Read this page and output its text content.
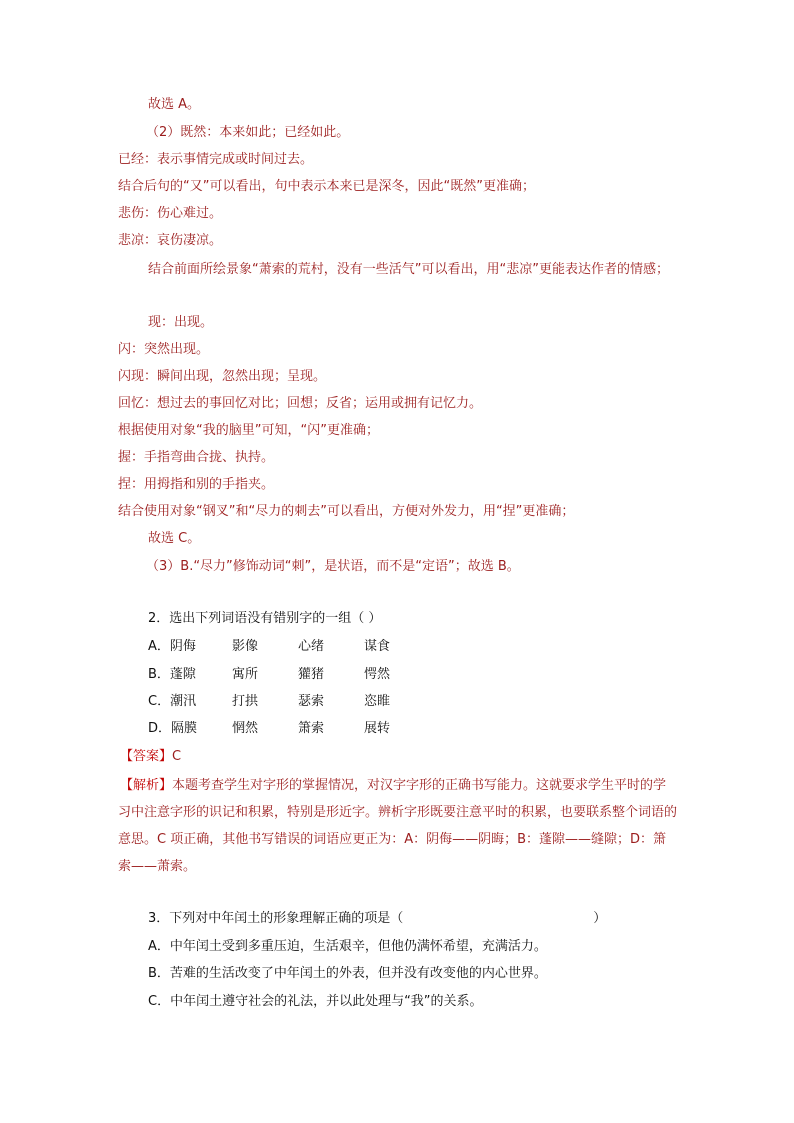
故选 A。
（2）既然：本来如此；已经如此。
已经：表示事情完成或时间过去。
结合后句的“又”可以看出，句中表示本来已是深冬，因此“既然”更准确；
悲伤：伤心难过。
悲凉：哀伤凄凉。
结合前面所绘景象“萧索的荒村，没有一些活气”可以看出，用“悲凉”更能表达作者的情感；
现：出现。
闪：突然出现。
闪现：瞬间出现，忽然出现；呈现。
回忆：想过去的事回忆对比；回想；反省；运用或拥有记忆力。
根据使用对象“我的脑里”可知，“闪”更准确；
握：手指弯曲合拢、执持。
捏：用拇指和别的手指夹。
结合使用对象“钢叉”和“尽力的刺去”可以看出，方便对外发力，用“捏”更准确；
故选 C。
（3）B.“尽力”修饰动词“刺”，是状语，而不是“定语”；故选 B。
2．选出下列词语没有错别字的一组（ ）
A．阴侮	影像	心绪	谋食
B．蓬隙	寓所	獾猪	愕然
C．潮汛	打拱	瑟索	恣睢
D．隔膜	惘然	箫索	展转
【答案】C
【解析】本题考查学生对字形的掌握情况，对汉字字形的正确书写能力。这就要求学生平时的学习中注意字形的识记和积累，特别是形近字。辨析字形既要注意平时的积累，也要联系整个词语的意思。C 项正确，其他书写错误的词语应更正为：A：阴侮——阴晦；B：蓬隙——缝隙；D：箫索——萧索。
3．下列对中年闰土的形象理解正确的项是（	）
A．中年闰土受到多重压迫，生活艰辛，但他仍满怀希望，充满活力。
B．苦难的生活改变了中年闰土的外表，但并没有改变他的内心世界。
C．中年闰土遵守社会的礼法，并以此处理与“我”的关系。
